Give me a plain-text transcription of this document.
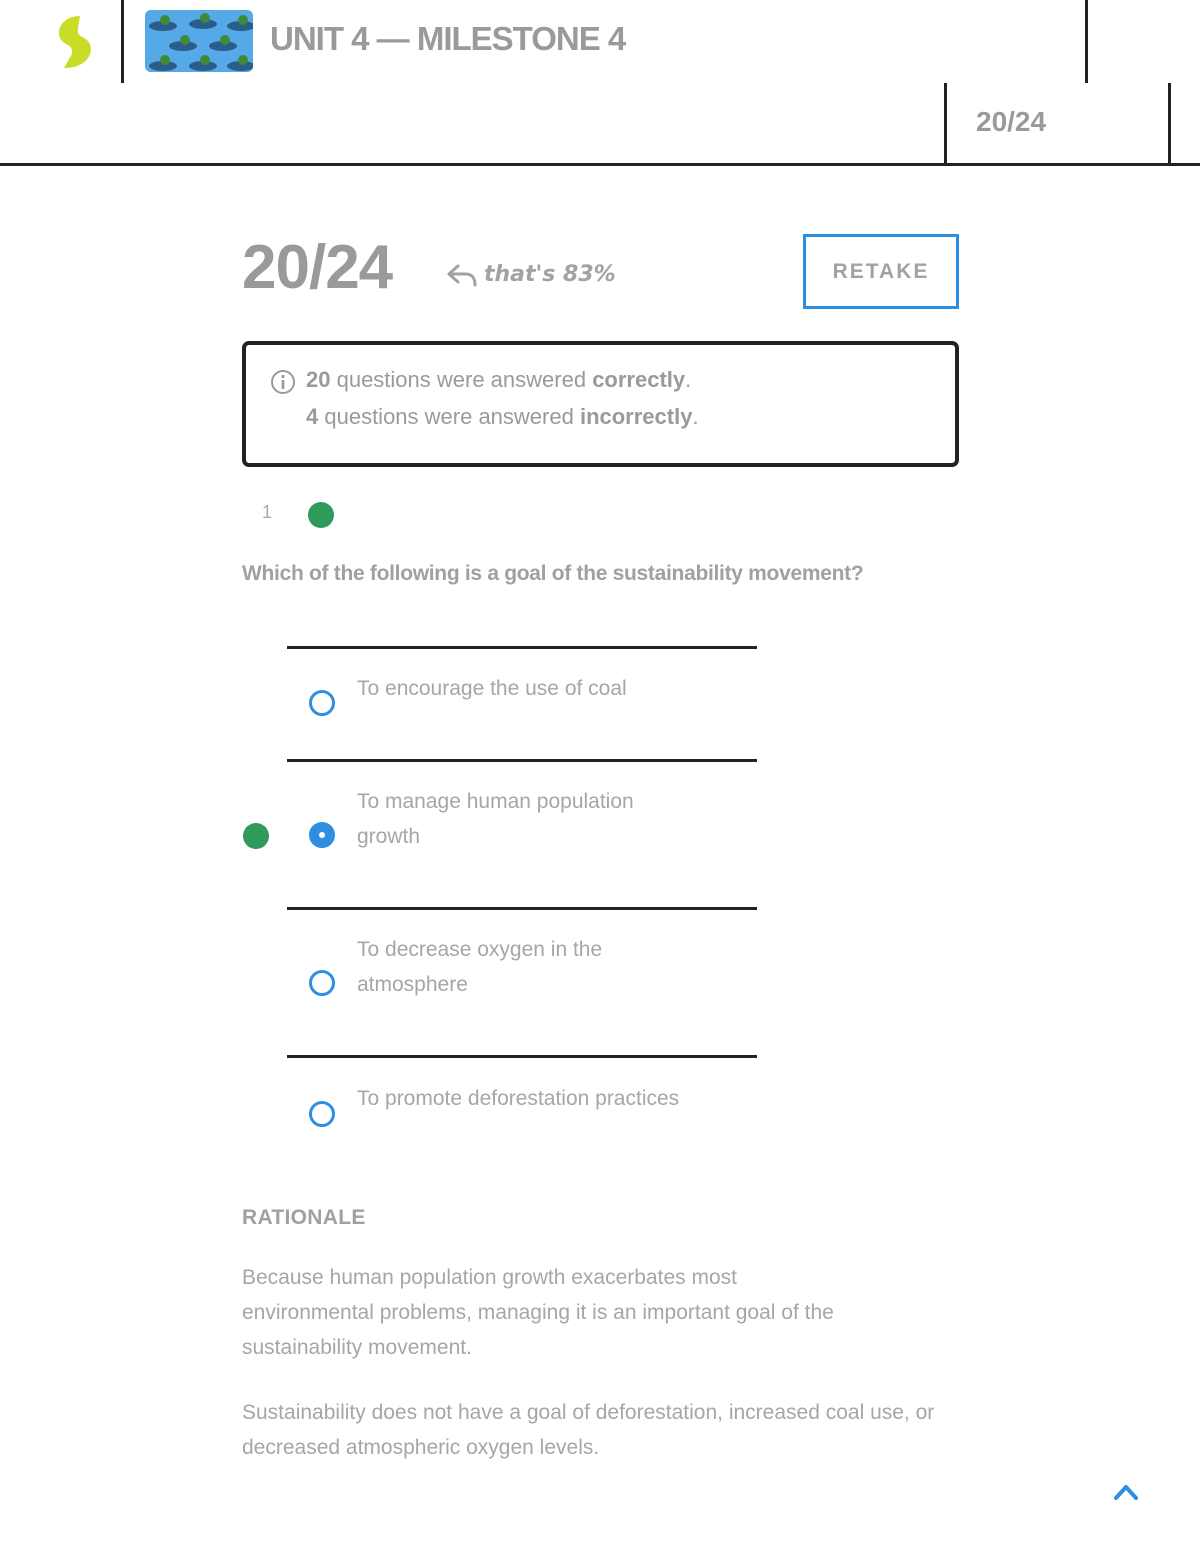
UNIT 4 — MILESTONE 4
20/24
20/24	that's 83%	RETAKE
20 questions were answered correctly.
4 questions were answered incorrectly.
1
Which of the following is a goal of the sustainability movement?
To encourage the use of coal
To manage human population growth
To decrease oxygen in the atmosphere
To promote deforestation practices
RATIONALE
Because human population growth exacerbates most environmental problems, managing it is an important goal of the sustainability movement.
Sustainability does not have a goal of deforestation, increased coal use, or decreased atmospheric oxygen levels.
